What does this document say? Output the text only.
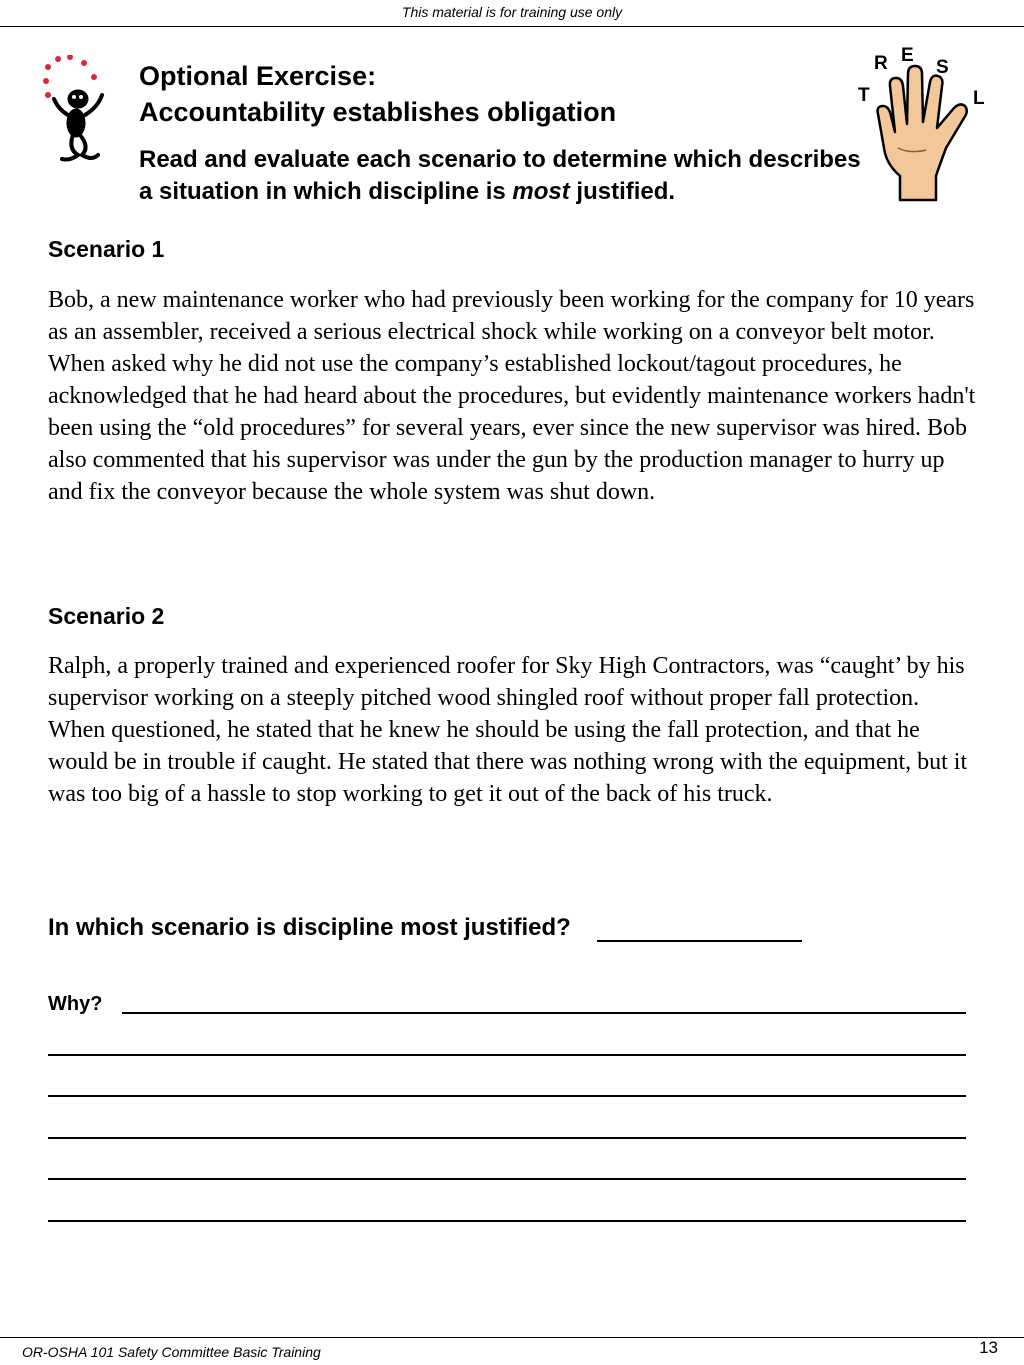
This material is for training use only
Optional Exercise:
Accountability establishes obligation
Read and evaluate each scenario to determine which describes a situation in which discipline is most justified.
R E
S
T	L
Scenario 1

Bob, a new maintenance worker who had previously been working for the company for 10 years as an assembler, received a serious electrical shock while working on a conveyor belt motor. When asked why he did not use the company’s established lockout/tagout procedures, he acknowledged that he had heard about the procedures, but evidently maintenance workers hadn't been using the “old procedures” for several years, ever since the new supervisor was hired. Bob also commented that his supervisor was under the gun by the production manager to hurry up and fix the conveyor because the whole system was shut down.

Scenario 2

Ralph, a properly trained and experienced roofer for Sky High Contractors, was “caught’ by his supervisor working on a steeply pitched wood shingled roof without proper fall protection. When questioned, he stated that he knew he should be using the fall protection, and that he would be in trouble if caught. He stated that there was nothing wrong with the equipment, but it was too big of a hassle to stop working to get it out of the back of his truck.

In which scenario is discipline most justified?
Why?
OR-OSHA 101 Safety Committee Basic Training	13
